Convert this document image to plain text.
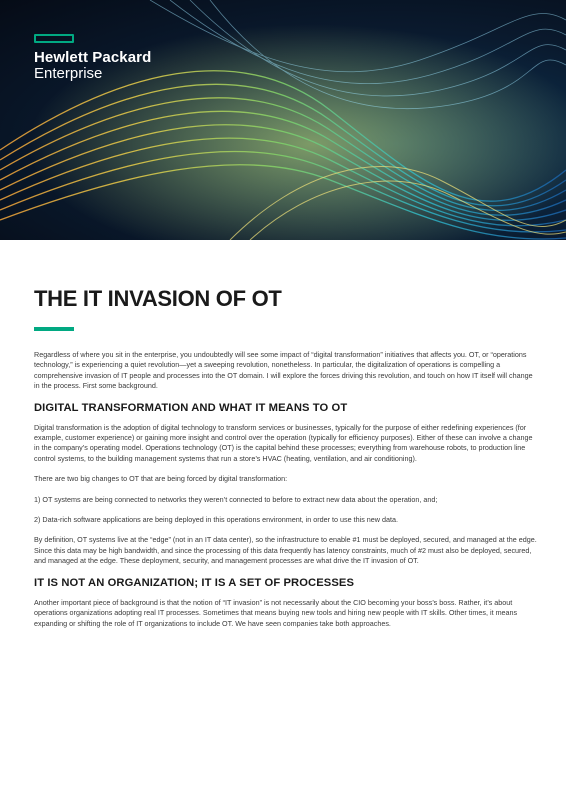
Hewlett Packard
Enterprise
THE IT INVASION OF OT

Regardless of where you sit in the enterprise, you undoubtedly will see some impact of “digital transformation” initiatives that affects you. OT, or “operations technology,” is experiencing a quiet revolution—yet a sweeping revolution, nonetheless. In particular, the digitalization of operations is compelling a comprehensive invasion of IT people and processes into the OT domain. I will explore the forces driving this revolution, and touch on how IT itself will change in the process. First some background.

DIGITAL TRANSFORMATION AND WHAT IT MEANS TO OT

Digital transformation is the adoption of digital technology to transform services or businesses, typically for the purpose of either redefining experiences (for example, customer experience) or gaining more insight and control over the operation (typically for efficiency purposes). Either of these can involve a change in the company’s operating model. Operations technology (OT) is the capital behind these processes; everything from warehouse robots, to production line control systems, to the building management systems that run a store’s HVAC (heating, ventilation, and air conditioning).

There are two big changes to OT that are being forced by digital transformation:

1) OT systems are being connected to networks they weren’t connected to before to extract new data about the operation, and;

2) Data-rich software applications are being deployed in this operations environment, in order to use this new data.

By definition, OT systems live at the “edge” (not in an IT data center), so the infrastructure to enable #1 must be deployed, secured, and managed at the edge. Since this data may be high bandwidth, and since the processing of this data frequently has latency constraints, much of #2 must also be deployed, secured, and managed at the edge. These deployment, security, and management processes are what drive the IT invasion of OT.

IT IS NOT AN ORGANIZATION; IT IS A SET OF PROCESSES

Another important piece of background is that the notion of “IT invasion” is not necessarily about the CIO becoming your boss’s boss. Rather, it’s about operations organizations adopting real IT processes. Sometimes that means buying new tools and hiring new people with IT skills. Other times, it means expanding or shifting the role of IT organizations to include OT. We have seen companies take both approaches.
